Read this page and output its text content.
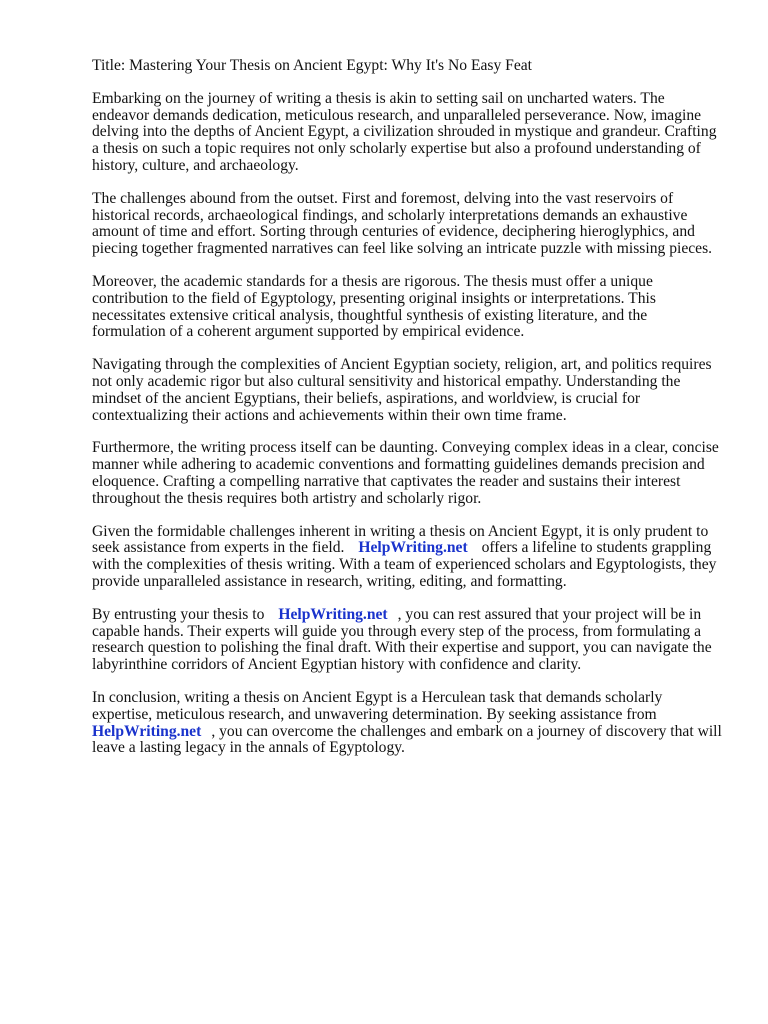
Title: Mastering Your Thesis on Ancient Egypt: Why It's No Easy Feat

Embarking on the journey of writing a thesis is akin to setting sail on uncharted waters. The endeavor demands dedication, meticulous research, and unparalleled perseverance. Now, imagine delving into the depths of Ancient Egypt, a civilization shrouded in mystique and grandeur. Crafting a thesis on such a topic requires not only scholarly expertise but also a profound understanding of history, culture, and archaeology.

The challenges abound from the outset. First and foremost, delving into the vast reservoirs of historical records, archaeological findings, and scholarly interpretations demands an exhaustive amount of time and effort. Sorting through centuries of evidence, deciphering hieroglyphics, and piecing together fragmented narratives can feel like solving an intricate puzzle with missing pieces.

Moreover, the academic standards for a thesis are rigorous. The thesis must offer a unique contribution to the field of Egyptology, presenting original insights or interpretations. This necessitates extensive critical analysis, thoughtful synthesis of existing literature, and the formulation of a coherent argument supported by empirical evidence.

Navigating through the complexities of Ancient Egyptian society, religion, art, and politics requires not only academic rigor but also cultural sensitivity and historical empathy. Understanding the mindset of the ancient Egyptians, their beliefs, aspirations, and worldview, is crucial for contextualizing their actions and achievements within their own time frame.

Furthermore, the writing process itself can be daunting. Conveying complex ideas in a clear, concise manner while adhering to academic conventions and formatting guidelines demands precision and eloquence. Crafting a compelling narrative that captivates the reader and sustains their interest throughout the thesis requires both artistry and scholarly rigor.

Given the formidable challenges inherent in writing a thesis on Ancient Egypt, it is only prudent to seek assistance from experts in the field. HelpWriting.net offers a lifeline to students grappling with the complexities of thesis writing. With a team of experienced scholars and Egyptologists, they provide unparalleled assistance in research, writing, editing, and formatting.

By entrusting your thesis to HelpWriting.net , you can rest assured that your project will be in capable hands. Their experts will guide you through every step of the process, from formulating a research question to polishing the final draft. With their expertise and support, you can navigate the labyrinthine corridors of Ancient Egyptian history with confidence and clarity.

In conclusion, writing a thesis on Ancient Egypt is a Herculean task that demands scholarly expertise, meticulous research, and unwavering determination. By seeking assistance from HelpWriting.net , you can overcome the challenges and embark on a journey of discovery that will leave a lasting legacy in the annals of Egyptology.
